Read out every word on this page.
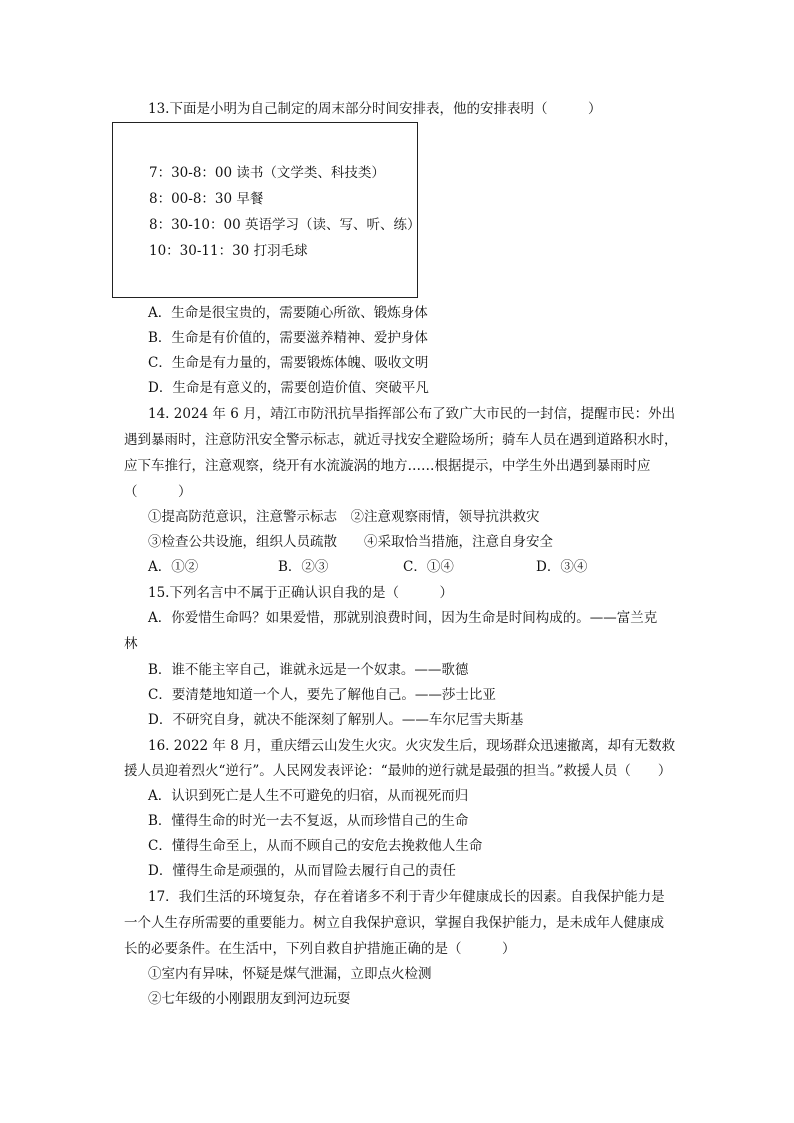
13.下面是小明为自己制定的周末部分时间安排表，他的安排表明（　　　）
7：30-8：00 读书（文学类、科技类）
8：00-8：30 早餐
8：30-10：00 英语学习（读、写、听、练）
10：30-11：30 打羽毛球
A．生命是很宝贵的，需要随心所欲、锻炼身体
B．生命是有价值的，需要滋养精神、爱护身体
C．生命是有力量的，需要锻炼体魄、吸收文明
D．生命是有意义的，需要创造价值、突破平凡
14. 2024 年 6 月，靖江市防汛抗旱指挥部公布了致广大市民的一封信，提醒市民：外出
遇到暴雨时，注意防汛安全警示标志，就近寻找安全避险场所；骑车人员在遇到道路积水时，
应下车推行，注意观察，绕开有水流漩涡的地方……根据提示，中学生外出遇到暴雨时应
（　　　）
①提高防范意识，注意警示标志　②注意观察雨情，领导抗洪救灾
③检查公共设施，组织人员疏散　　④采取恰当措施，注意自身安全
A．①②	B．②③	C．①④	D．③④
15.下列名言中不属于正确认识自我的是（　　　）
A．你爱惜生命吗？如果爱惜，那就别浪费时间，因为生命是时间构成的。——富兰克
林
B．谁不能主宰自己，谁就永远是一个奴隶。——歌德
C．要清楚地知道一个人，要先了解他自己。——莎士比亚
D．不研究自身，就决不能深刻了解别人。——车尔尼雪夫斯基
16. 2022 年 8 月，重庆缙云山发生火灾。火灾发生后，现场群众迅速撤离，却有无数救
援人员迎着烈火“逆行”。人民网发表评论：“最帅的逆行就是最强的担当。”救援人员（　　）
A．认识到死亡是人生不可避免的归宿，从而视死而归
B．懂得生命的时光一去不复返，从而珍惜自己的生命
C．懂得生命至上，从而不顾自己的安危去挽救他人生命
D．懂得生命是顽强的，从而冒险去履行自己的责任
17．我们生活的环境复杂，存在着诸多不利于青少年健康成长的因素。自我保护能力是
一个人生存所需要的重要能力。树立自我保护意识，掌握自我保护能力，是未成年人健康成
长的必要条件。在生活中，下列自救自护措施正确的是（　　　）
①室内有异味，怀疑是煤气泄漏，立即点火检测
②七年级的小刚跟朋友到河边玩耍
